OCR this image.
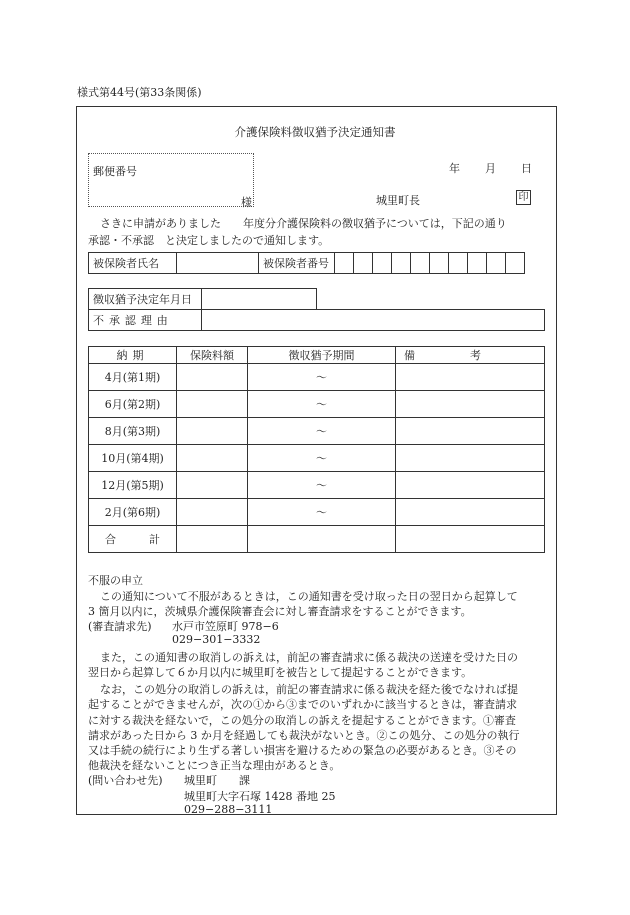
様式第44号(第33条関係)
介護保険料徴収猶予決定通知書
郵便番号
様
年 月 日
城里町長	印
さきに申請がありました　　年度分介護保険料の徴収猶予については，下記の通り
承認・不承認　と決定しましたので通知します。
被保険者氏名		被保険者番号										
徴収猶予決定年月日	
不承認理由	
納期	保険料額	徴収猶予期間	備考
4月(第1期)		〜	
6月(第2期)		〜	
8月(第3期)		〜	
10月(第4期)		〜	
12月(第5期)		〜	
2月(第6期)		〜	
合　　　計			
不服の申立
この通知について不服があるときは，この通知書を受け取った日の翌日から起算して
3 箇月以内に，茨城県介護保険審査会に対し審査請求をすることができます。
(審査請求先) 水戸市笠原町 978−6
029−301−3332
また，この通知書の取消しの訴えは，前記の審査請求に係る裁決の送達を受けた日の
翌日から起算して６か月以内に城里町を被告として提起することができます。
なお，この処分の取消しの訴えは，前記の審査請求に係る裁決を経た後でなければ提
起することができませんが，次の①から③までのいずれかに該当するときは，審査請求
に対する裁決を経ないで，この処分の取消しの訴えを提起することができます。①審査
請求があった日から 3 か月を経過しても裁決がないとき。②この処分、この処分の執行
又は手続の続行により生ずる著しい損害を避けるための緊急の必要があるとき。③その
他裁決を経ないことにつき正当な理由があるとき。
(問い合わせ先) 城里町　　課
城里町大字石塚 1428 番地 25
029−288−3111
